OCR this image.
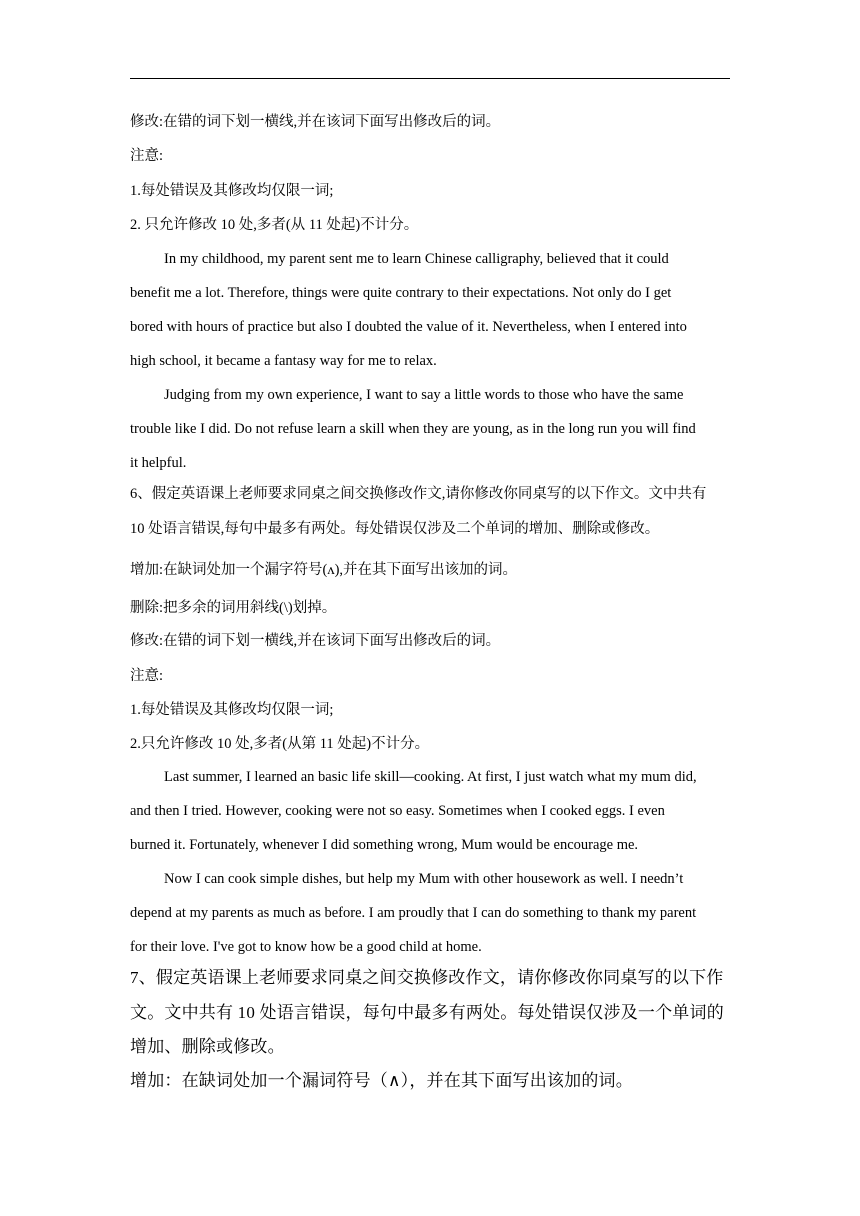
修改:在错的词下划一横线,并在该词下面写出修改后的词。
注意:
1.每处错误及其修改均仅限一词;
2. 只允许修改 10 处,多者(从 11 处起)不计分。
In my childhood, my parent sent me to learn Chinese calligraphy, believed that it could
benefit me a lot. Therefore, things were quite contrary to their expectations. Not only do I get
bored with hours of practice but also I doubted the value of it. Nevertheless, when I entered into
high school, it became a fantasy way for me to relax.
Judging from my own experience, I want to say a little words to those who have the same
trouble like I did. Do not refuse learn a skill when they are young, as in the long run you will find
it helpful.
6、假定英语课上老师要求同桌之间交换修改作文,请你修改你同桌写的以下作文。文中共有
10 处语言错误,每句中最多有两处。每处错误仅涉及二个单词的增加、删除或修改。
增加:在缺词处加一个漏字符号(ʌ),并在其下面写出该加的词。
删除:把多余的词用斜线(\)划掉。
修改:在错的词下划一横线,并在该词下面写出修改后的词。
注意:
1.每处错误及其修改均仅限一词;
2.只允许修改 10 处,多者(从第 11 处起)不计分。
Last summer, I learned an basic life skill—cooking. At first, I just watch what my mum did,
and then I tried. However, cooking were not so easy. Sometimes when I cooked eggs. I even
burned it. Fortunately, whenever I did something wrong, Mum would be encourage me.
Now I can cook simple dishes, but help my Mum with other housework as well. I needn’t
depend at my parents as much as before. I am proudly that I can do something to thank my parent
for their love. I've got to know how be a good child at home.
7、假定英语课上老师要求同桌之间交换修改作文，请你修改你同桌写的以下作
文。文中共有 10 处语言错误，每句中最多有两处。每处错误仅涉及一个单词的
增加、删除或修改。
增加：在缺词处加一个漏词符号（∧），并在其下面写出该加的词。
